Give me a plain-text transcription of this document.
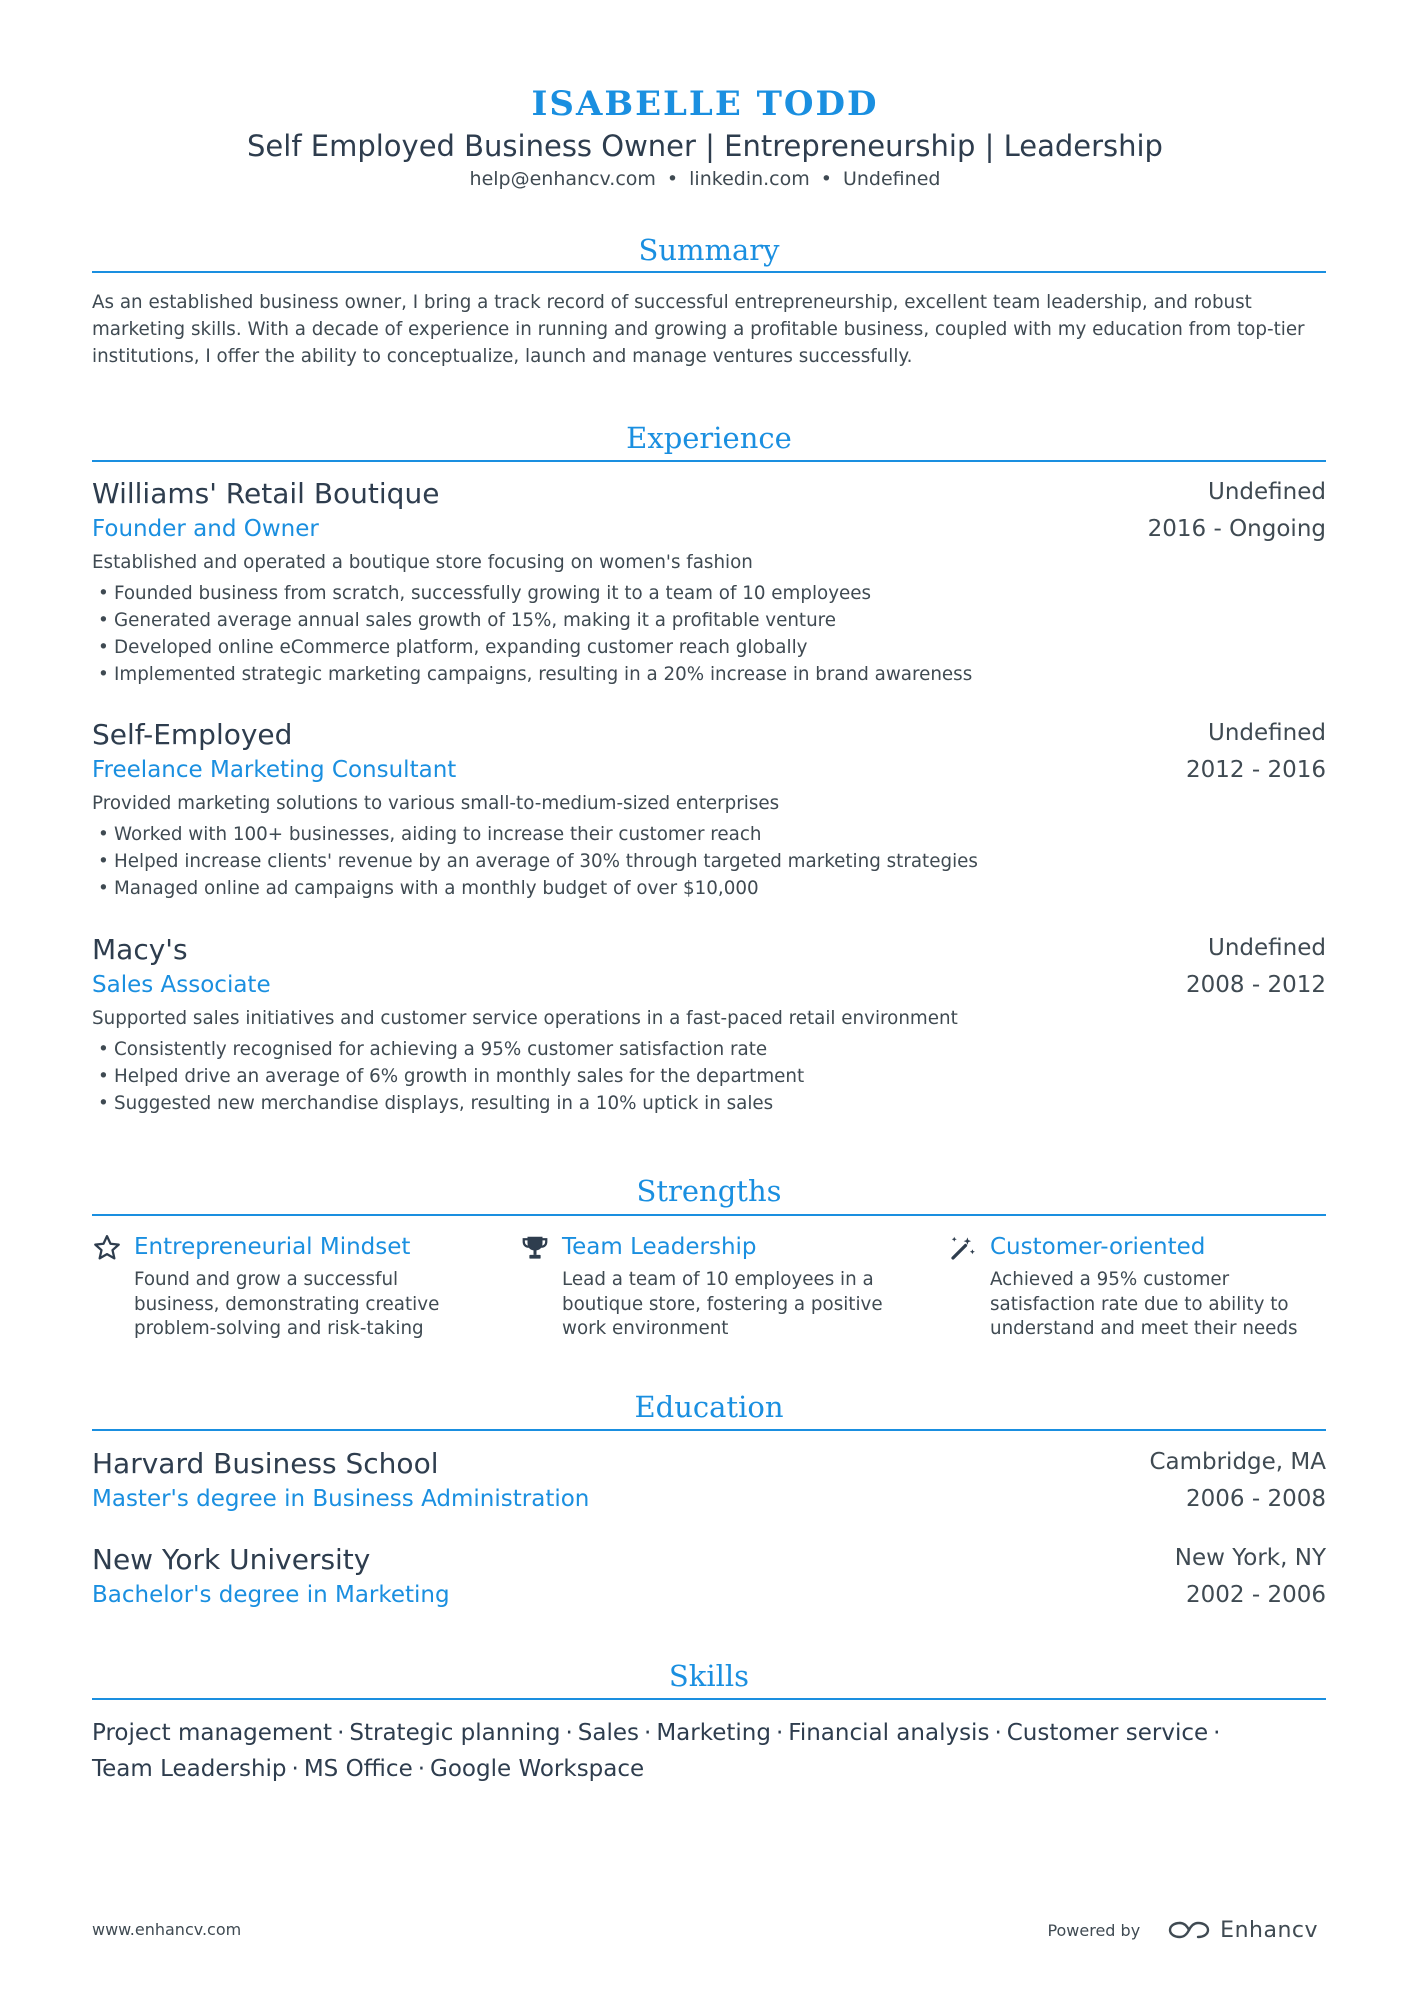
ISABELLE TODD
Self Employed Business Owner | Entrepreneurship | Leadership
help@enhancv.com • linkedin.com • Undefined
Summary
As an established business owner, I bring a track record of successful entrepreneurship, excellent team leadership, and robust marketing skills. With a decade of experience in running and growing a profitable business, coupled with my education from top-tier institutions, I offer the ability to conceptualize, launch and manage ventures successfully.
Experience
Williams' Retail Boutique	Undefined
Founder and Owner	2016 - Ongoing
Established and operated a boutique store focusing on women's fashion
• Founded business from scratch, successfully growing it to a team of 10 employees
• Generated average annual sales growth of 15%, making it a profitable venture
• Developed online eCommerce platform, expanding customer reach globally
• Implemented strategic marketing campaigns, resulting in a 20% increase in brand awareness
Self-Employed	Undefined
Freelance Marketing Consultant	2012 - 2016
Provided marketing solutions to various small-to-medium-sized enterprises
• Worked with 100+ businesses, aiding to increase their customer reach
• Helped increase clients' revenue by an average of 30% through targeted marketing strategies
• Managed online ad campaigns with a monthly budget of over $10,000
Macy's	Undefined
Sales Associate	2008 - 2012
Supported sales initiatives and customer service operations in a fast-paced retail environment
• Consistently recognised for achieving a 95% customer satisfaction rate
• Helped drive an average of 6% growth in monthly sales for the department
• Suggested new merchandise displays, resulting in a 10% uptick in sales
Strengths
Entrepreneurial Mindset
Found and grow a successful business, demonstrating creative problem-solving and risk-taking
Team Leadership
Lead a team of 10 employees in a boutique store, fostering a positive work environment
Customer-oriented
Achieved a 95% customer satisfaction rate due to ability to understand and meet their needs
Education
Harvard Business School	Cambridge, MA
Master's degree in Business Administration	2006 - 2008
New York University	New York, NY
Bachelor's degree in Marketing	2002 - 2006
Skills
Project management · Strategic planning · Sales · Marketing · Financial analysis · Customer service ·
Team Leadership · MS Office · Google Workspace
www.enhancv.com	Powered by	Enhancv
